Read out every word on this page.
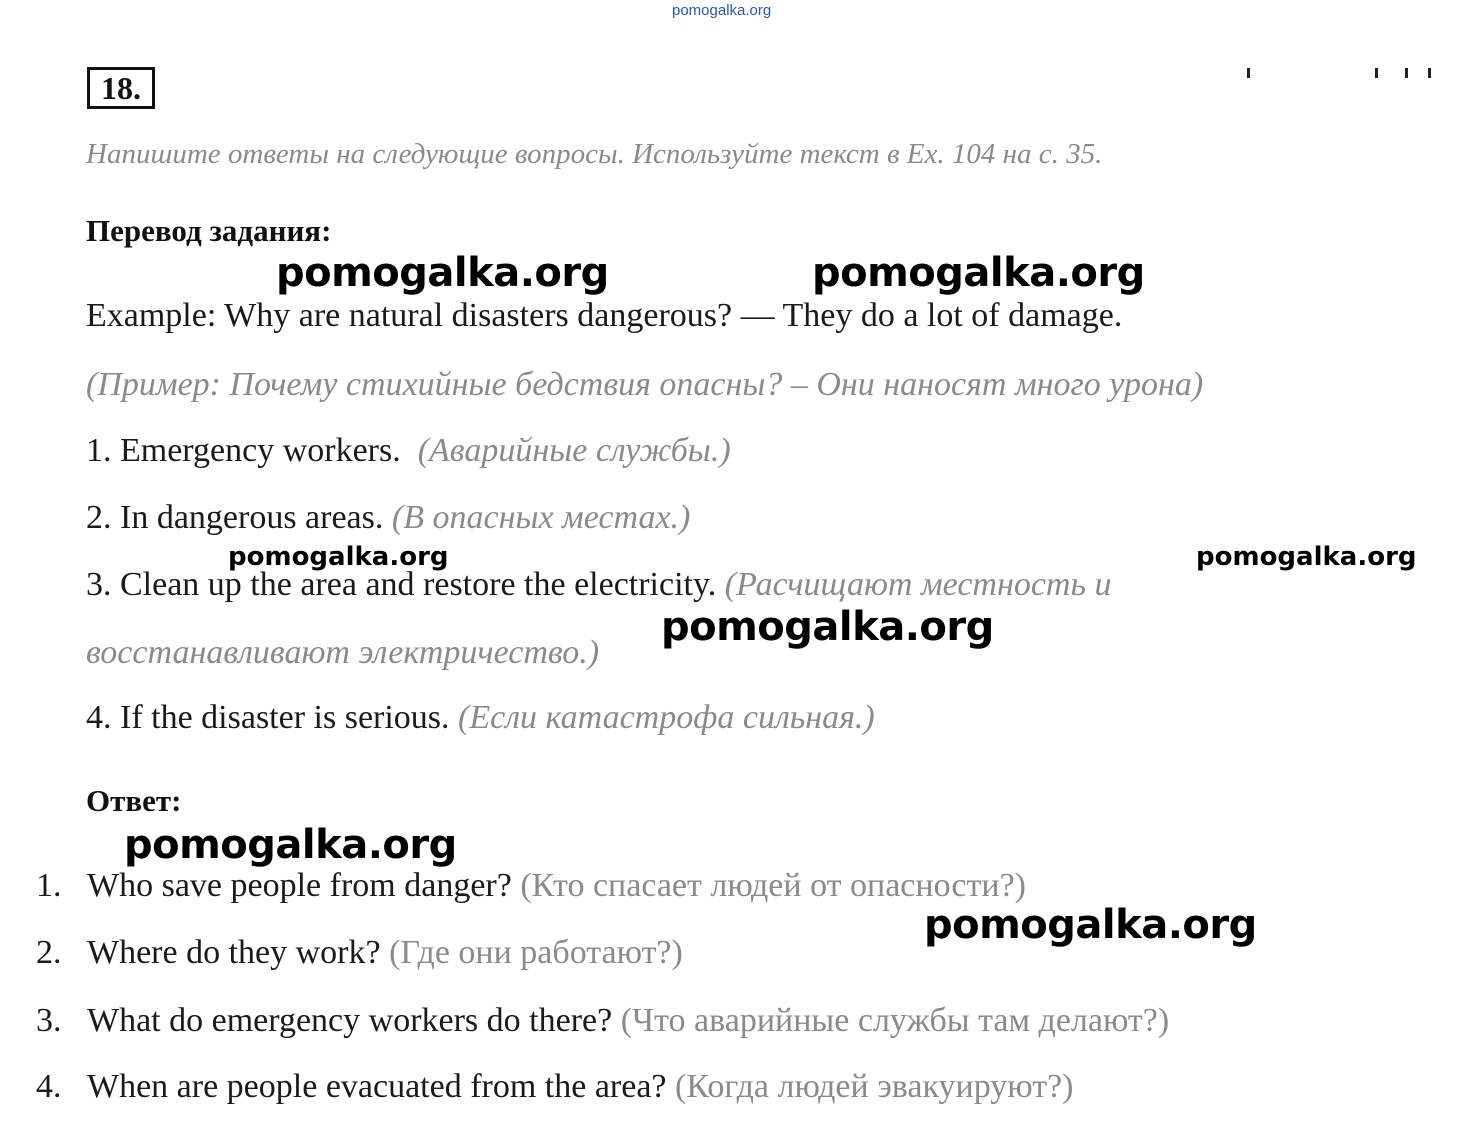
pomogalka.org
18.
Напишите ответы на следующие вопросы. Используйте текст в Ex. 104 на с. 35.
Перевод задания:
pomogalka.org	pomogalka.org
Example: Why are natural disasters dangerous? — They do a lot of damage.
(Пример: Почему стихийные бедствия опасны? – Они наносят много урона)
1. Emergency workers. (Аварийные службы.)
2. In dangerous areas. (В опасных местах.)
pomogalka.org	pomogalka.org
3. Clean up the area and restore the electricity. (Расчищают местность и
pomogalka.org
восстанавливают электричество.)
4. If the disaster is serious. (Если катастрофа сильная.)
Ответ:
pomogalka.org
1. Who save people from danger? (Кто спасает людей от опасности?)
pomogalka.org
2. Where do they work? (Где они работают?)
3. What do emergency workers do there? (Что аварийные службы там делают?)
4. When are people evacuated from the area? (Когда людей эвакуируют?)
